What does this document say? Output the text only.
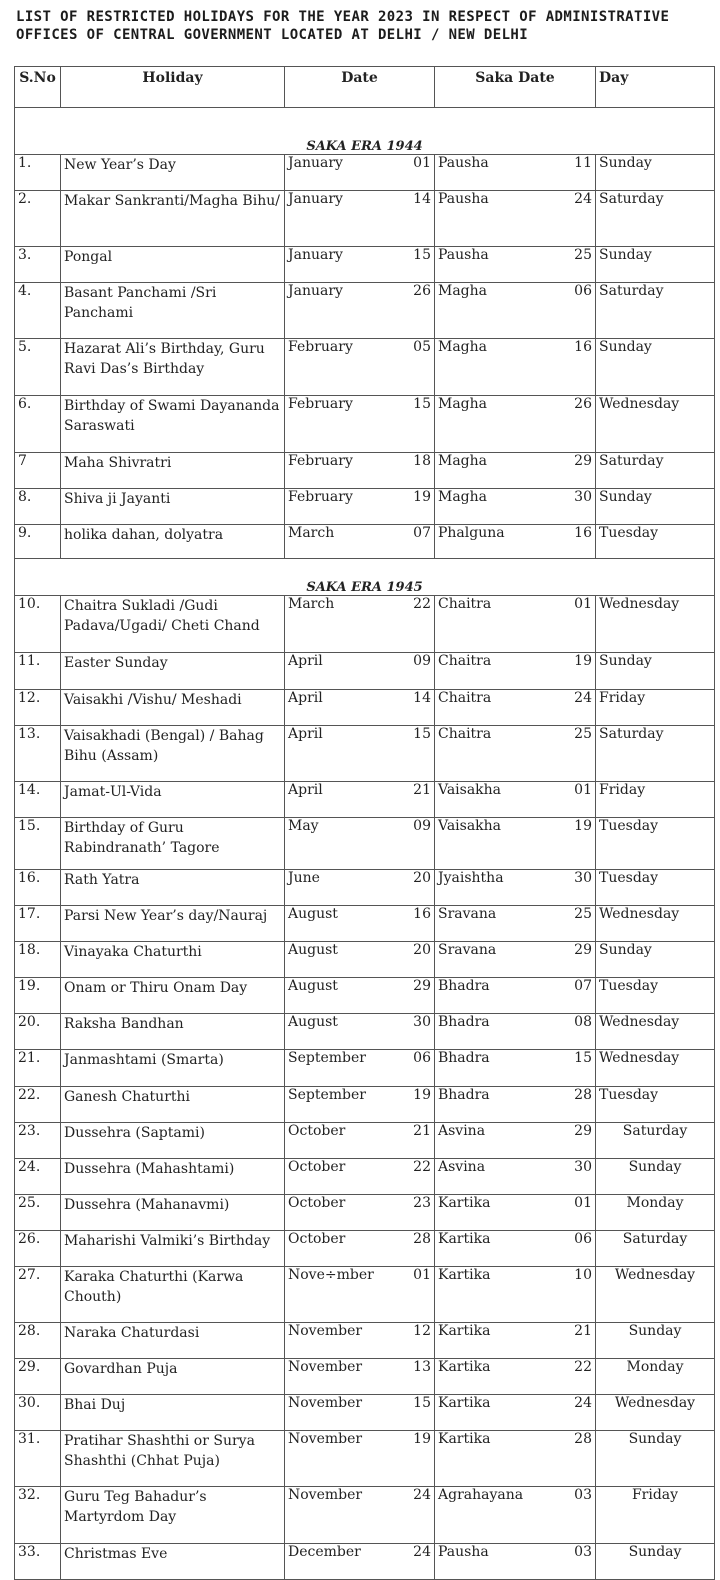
LIST OF RESTRICTED HOLIDAYS FOR THE YEAR 2023 IN RESPECT OF ADMINISTRATIVE OFFICES OF CENTRAL GOVERNMENT LOCATED AT DELHI / NEW DELHI
S.No	Holiday	Date	Saka Date	Day
SAKA ERA 1944				
1.	New Year’s Day	January 01	Pausha 11	Sunday
2.	Makar Sankranti/Magha Bihu/	January 14	Pausha 24	Saturday
3.	Pongal	January 15	Pausha 25	Sunday
4.	Basant Panchami /Sri Panchami	January 26	Magha 06	Saturday
5.	Hazarat Ali’s Birthday, Guru Ravi Das’s Birthday	February 05	Magha 16	Sunday
6.	Birthday of Swami Dayananda Saraswati	February 15	Magha 26	Wednesday
7	Maha Shivratri	February 18	Magha 29	Saturday
8.	Shiva ji Jayanti	February 19	Magha 30	Sunday
9.	holika dahan, dolyatra	March 07	Phalguna 16	Tuesday
SAKA ERA 1945				
10.	Chaitra Sukladi /Gudi Padava/Ugadi/ Cheti Chand	March 22	Chaitra 01	Wednesday
11.	Easter Sunday	April 09	Chaitra 19	Sunday
12.	Vaisakhi /Vishu/ Meshadi	April 14	Chaitra 24	Friday
13.	Vaisakhadi (Bengal) / Bahag Bihu (Assam)	April 15	Chaitra 25	Saturday
14.	Jamat-Ul-Vida	April 21	Vaisakha 01	Friday
15.	Birthday of Guru Rabindranath’ Tagore	May 09	Vaisakha 19	Tuesday
16.	Rath Yatra	June 20	Jyaishtha 30	Tuesday
17.	Parsi New Year’s day/Nauraj	August 16	Sravana 25	Wednesday
18.	Vinayaka Chaturthi	August 20	Sravana 29	Sunday
19.	Onam or Thiru Onam Day	August 29	Bhadra 07	Tuesday
20.	Raksha Bandhan	August 30	Bhadra 08	Wednesday
21.	Janmashtami (Smarta)	September 06	Bhadra 15	Wednesday
22.	Ganesh Chaturthi	September 19	Bhadra 28	Tuesday
23.	Dussehra (Saptami)	October 21	Asvina 29	Saturday
24.	Dussehra (Mahashtami)	October 22	Asvina 30	Sunday
25.	Dussehra (Mahanavmi)	October 23	Kartika 01	Monday
26.	Maharishi Valmiki’s Birthday	October 28	Kartika 06	Saturday
27.	Karaka Chaturthi (Karwa Chouth)	Nove÷mber 01	Kartika 10	Wednesday
28.	Naraka Chaturdasi	November 12	Kartika 21	Sunday
29.	Govardhan Puja	November 13	Kartika 22	Monday
30.	Bhai Duj	November 15	Kartika 24	Wednesday
31.	Pratihar Shashthi or Surya Shashthi (Chhat Puja)	November 19	Kartika 28	Sunday
32.	Guru Teg Bahadur’s Martyrdom Day	November 24	Agrahayana 03	Friday
33.	Christmas Eve	December 24	Pausha 03	Sunday
